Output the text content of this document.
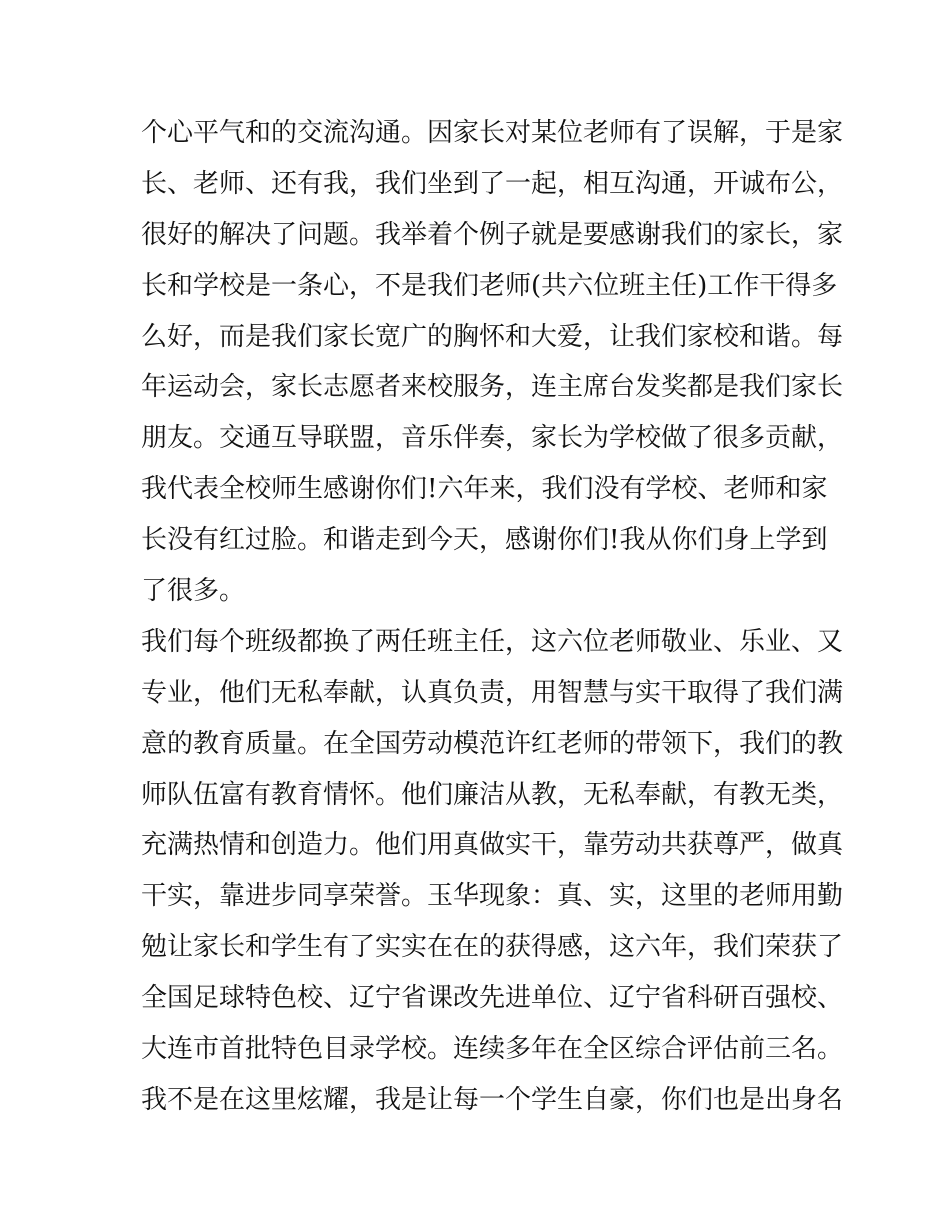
个心平气和的交流沟通。因家长对某位老师有了误解，于是家
长、老师、还有我，我们坐到了一起，相互沟通，开诚布公，
很好的解决了问题。我举着个例子就是要感谢我们的家长，家
长和学校是一条心，不是我们老师(共六位班主任)工作干得多
么好，而是我们家长宽广的胸怀和大爱，让我们家校和谐。每
年运动会，家长志愿者来校服务，连主席台发奖都是我们家长
朋友。交通互导联盟，音乐伴奏，家长为学校做了很多贡献，
我代表全校师生感谢你们!六年来，我们没有学校、老师和家
长没有红过脸。和谐走到今天，感谢你们!我从你们身上学到
了很多。
我们每个班级都换了两任班主任，这六位老师敬业、乐业、又
专业，他们无私奉献，认真负责，用智慧与实干取得了我们满
意的教育质量。在全国劳动模范许红老师的带领下，我们的教
师队伍富有教育情怀。他们廉洁从教，无私奉献，有教无类，
充满热情和创造力。他们用真做实干，靠劳动共获尊严，做真
干实，靠进步同享荣誉。玉华现象：真、实，这里的老师用勤
勉让家长和学生有了实实在在的获得感，这六年，我们荣获了
全国足球特色校、辽宁省课改先进单位、辽宁省科研百强校、
大连市首批特色目录学校。连续多年在全区综合评估前三名。
我不是在这里炫耀，我是让每一个学生自豪，你们也是出身名
